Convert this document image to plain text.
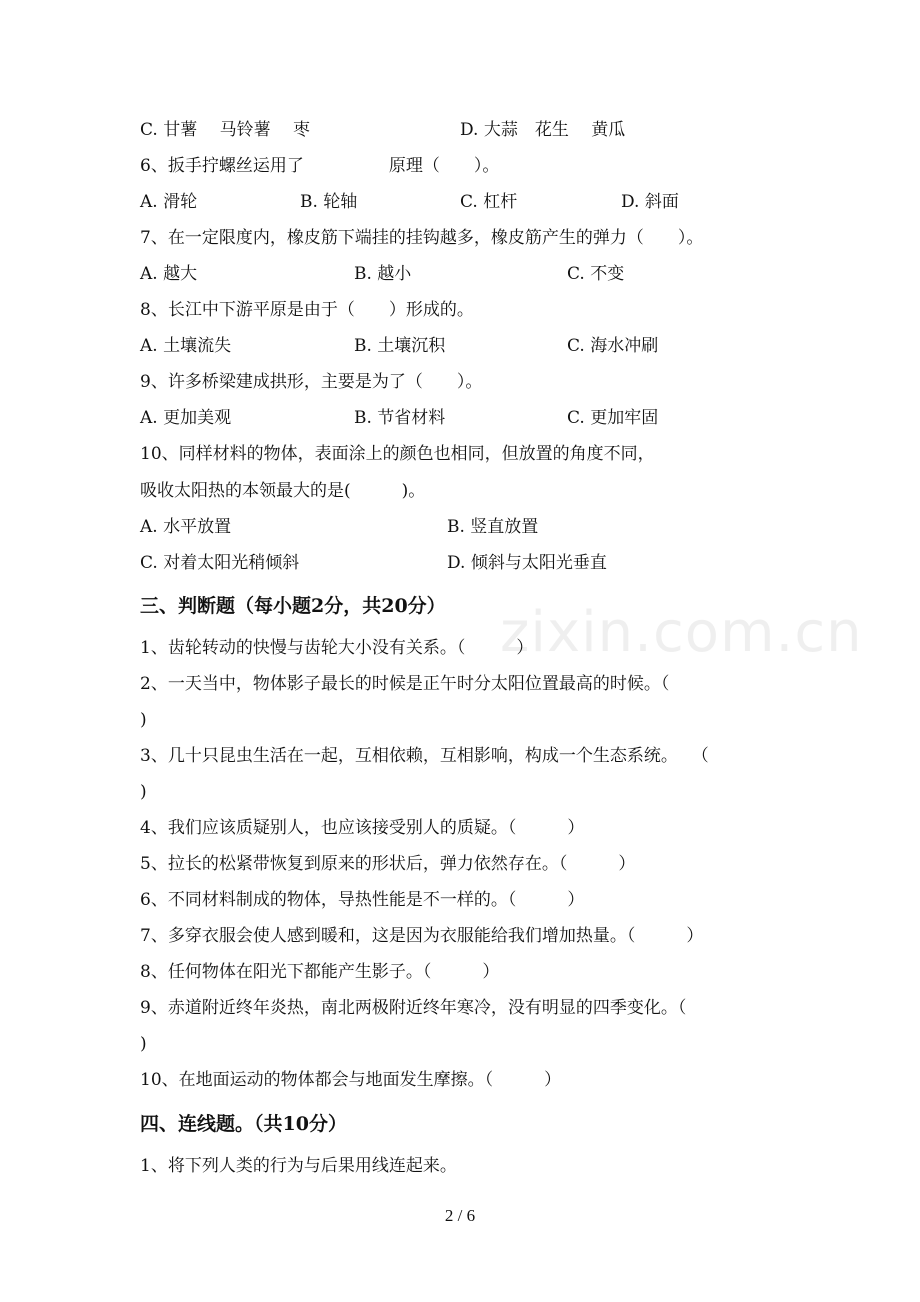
C. 甘薯　 马铃薯　 枣	D. 大蒜　花生　 黄瓜
6、扳手拧螺丝运用了　　　　　原理（　　）。
A. 滑轮	B. 轮轴	C. 杠杆	D. 斜面
7、在一定限度内，橡皮筋下端挂的挂钩越多，橡皮筋产生的弹力（　　）。
A. 越大	B. 越小	C. 不变
8、长江中下游平原是由于（　　）形成的。
A. 土壤流失	B. 土壤沉积	C. 海水冲刷
9、许多桥梁建成拱形，主要是为了（　　）。
A. 更加美观	B. 节省材料	C. 更加牢固
10、同样材料的物体，表面涂上的颜色也相同，但放置的角度不同，
吸收太阳热的本领最大的是(　　　)。
A. 水平放置	B. 竖直放置
C. 对着太阳光稍倾斜	D. 倾斜与太阳光垂直
三、判断题（每小题2分，共20分） zixin.com.cn
1、齿轮转动的快慢与齿轮大小没有关系。（　　　）
2、一天当中，物体影子最长的时候是正午时分太阳位置最高的时候。（
)
3、几十只昆虫生活在一起，互相依赖，互相影响，构成一个生态系统。　 （
)
4、我们应该质疑别人，也应该接受别人的质疑。（　　　）
5、拉长的松紧带恢复到原来的形状后，弹力依然存在。（　　　）
6、不同材料制成的物体，导热性能是不一样的。（　　　）
7、多穿衣服会使人感到暖和，这是因为衣服能给我们增加热量。（　　　）
8、任何物体在阳光下都能产生影子。（　　　）
9、赤道附近终年炎热，南北两极附近终年寒冷，没有明显的四季变化。（
)
10、在地面运动的物体都会与地面发生摩擦。（　　　）
四、连线题。（共10分）
1、将下列人类的行为与后果用线连起来。
2 / 6
